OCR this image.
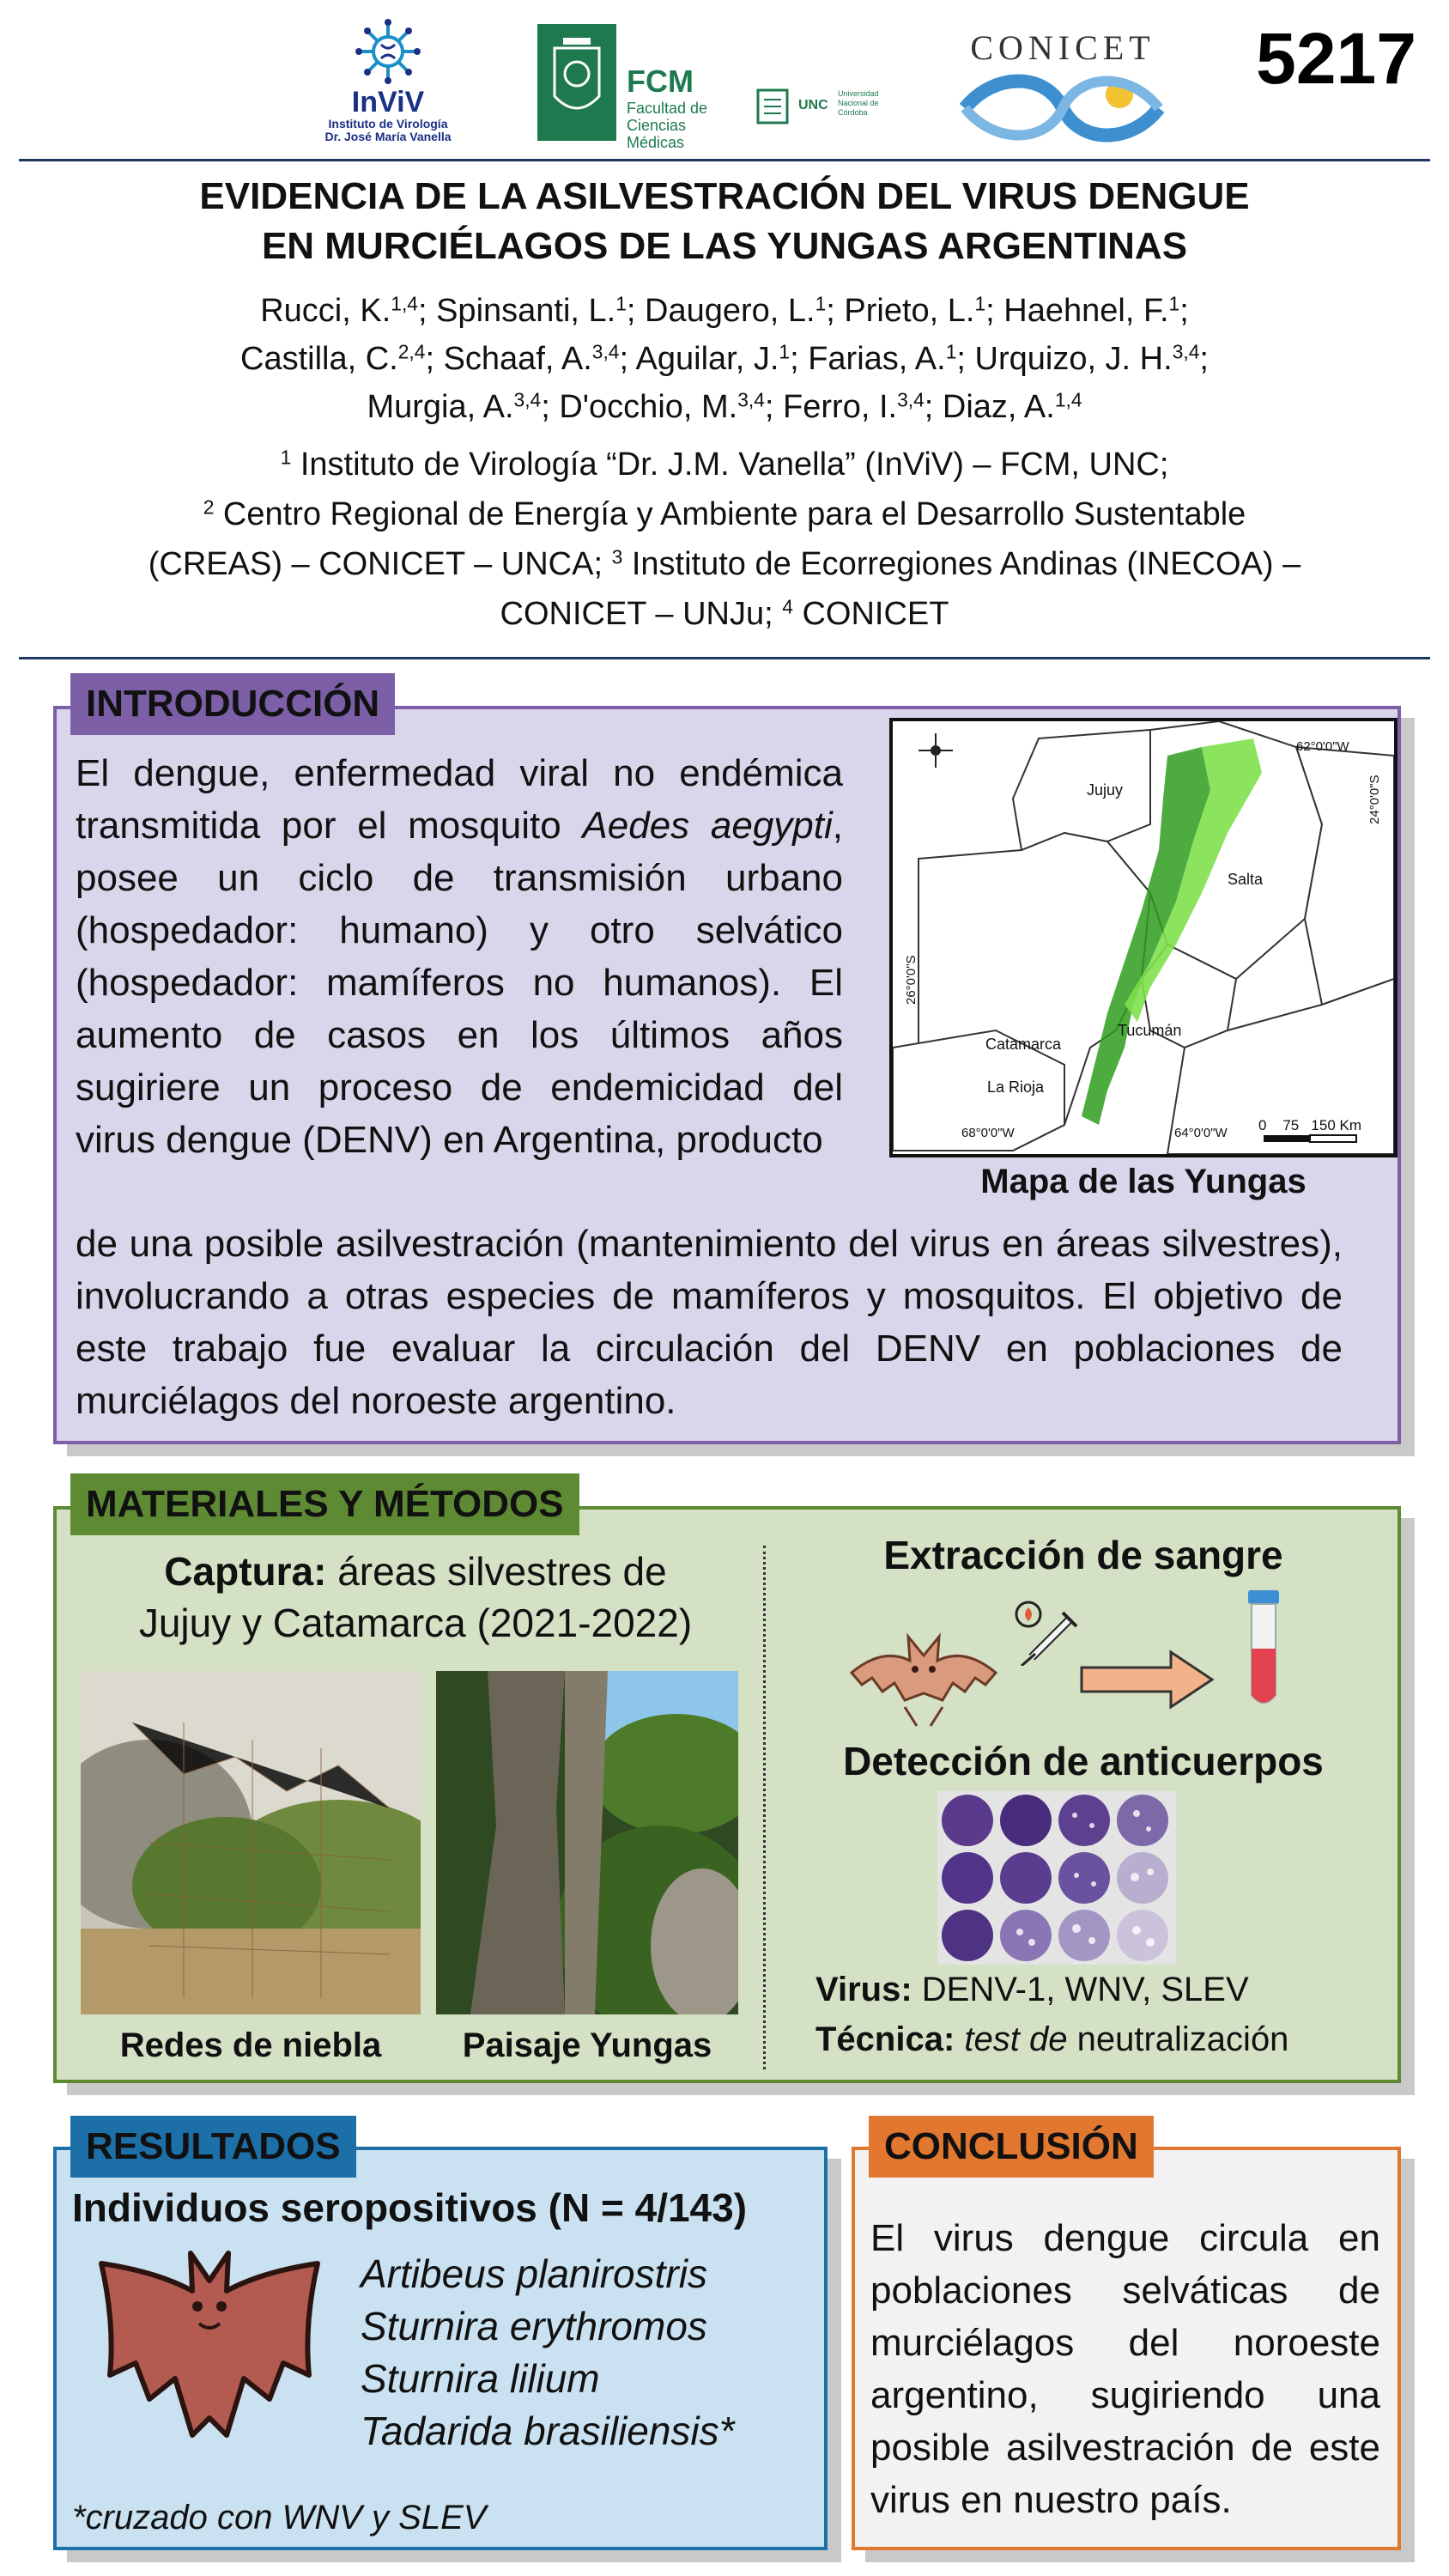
InViV
Instituto de Virología
Dr. José María Vanella
FCM
Facultad de Ciencias Médicas
UNC
Universidad Nacional de Córdoba
CONICET 5217
EVIDENCIA DE LA ASILVESTRACIÓN DEL VIRUS DENGUE
EN MURCIÉLAGOS DE LAS YUNGAS ARGENTINAS
Rucci, K.$^{1,4}$; Spinsanti, L.$^1$; Daugero, L.$^1$; Prieto, L.$^1$; Haehnel, F.$^1$;
Castilla, C.$^{2,4}$; Schaaf, A.$^{3,4}$; Aguilar, J.$^1$; Farias, A.$^1$; Urquizo, J. H.$^{3,4}$;
Murgia, A.$^{3,4}$; D'occhio, M.$^{3,4}$; Ferro, I.$^{3,4}$; Diaz, A.$^{1,4}$
$^1$ Instituto de Virología “Dr. J.M. Vanella” (InViV) – FCM, UNC;
$^2$ Centro Regional de Energía y Ambiente para el Desarrollo Sustentable
(CREAS) – CONICET – UNCA; $^3$ Instituto de Ecorregiones Andinas (INECOA) –
CONICET – UNJu; $^4$ CONICET
INTRODUCCIÓN
El dengue, enfermedad viral no endémica transmitida por el mosquito Aedes aegypti, posee un ciclo de transmisión urbano (hospedador: humano) y otro selvático (hospedador: mamíferos no humanos). El aumento de casos en los últimos años sugiriere un proceso de endemicidad del virus dengue (DENV) en Argentina, producto
de una posible asilvestración (mantenimiento del virus en áreas silvestres), involucrando a otras especies de mamíferos y mosquitos. El objetivo de este trabajo fue evaluar la circulación del DENV en poblaciones de murciélagos del noroeste argentino.
Jujuy
Salta
Tucumán
Catamarca
La Rioja
62°0'0"W
64°0'0"W
68°0'0"W
24°0'0"S
26°0'0"S
0    75   150 Km
Mapa de las Yungas
MATERIALES Y MÉTODOS
Captura: áreas silvestres de
Jujuy y Catamarca (2021-2022)
Redes de niebla	Paisaje Yungas
Extracción de sangre
Detección de anticuerpos
Virus: DENV-1, WNV, SLEV
Técnica: test de neutralización
RESULTADOS
Individuos seropositivos (N = 4/143)
Artibeus planirostris
Sturnira erythromos
Sturnira lilium
Tadarida brasiliensis*
*cruzado con WNV y SLEV
CONCLUSIÓN
El virus dengue circula en poblaciones selváticas de murciélagos del noroeste argentino, sugiriendo una posible asilvestración de este virus en nuestro país.
